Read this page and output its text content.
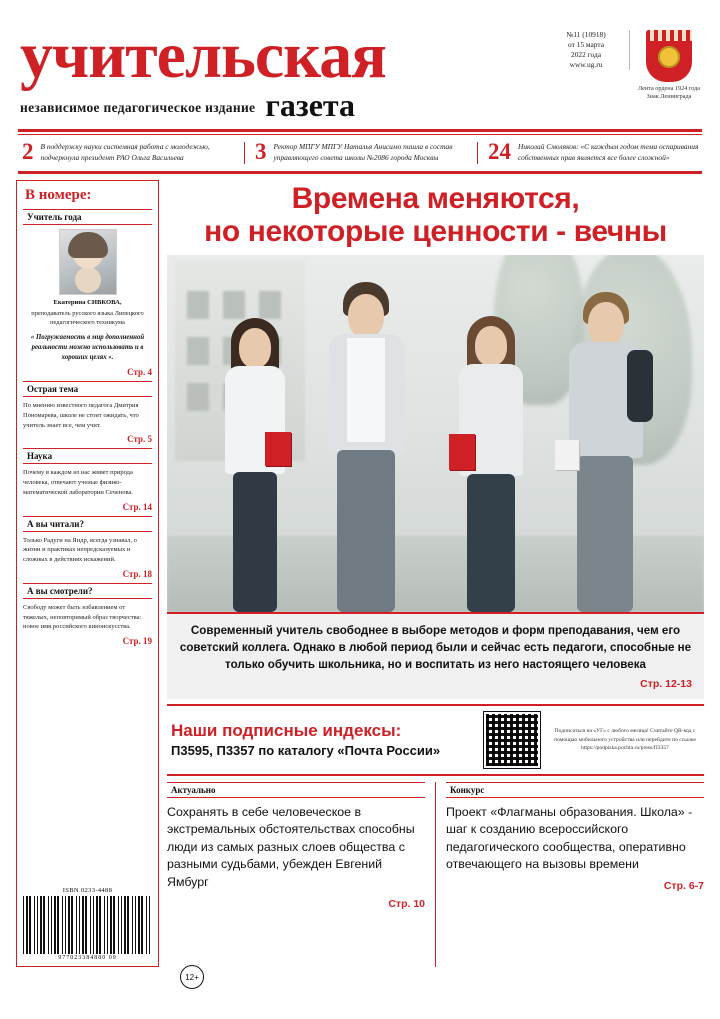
учительская
независимое педагогическое издание газета
№11 (10918)
от 15 марта
2022 года
www.ug.ru
Лента ордена 1924 года Знак Ленинграда
2 В поддержку науки системная работа с молодежью, подчеркнула президент РАО Ольга Васильева	3 Ректор МПГУ МПГУ Наталья Анисимо пишла в состав управляющего совета школы №2086 города Москвы	24 Николай Смоляков: «С каждым годом тема оспаривания собственных прав является все более сложной»
В номере:
Учитель года
Екатерина СИВКОВА,
преподаватель русского языка Липецкого педагогического техникума
« Погружаемость в мир дополненной реальности можно использовать и в хороших целях ».
Стр. 4
Острая тема
По мнению известного педагога Дмитрия Пономарева, школе не стоит ожидать, что учитель знает все, чем учит.
Стр. 5
Наука
Почему в каждом из нас живет природа человека, отвечают ученые физико-математической лаборатории Сеченова.
Стр. 14
А вы читали?
Только Радуги на Яндр, всегда узнавал, о жизни и практиках непредсказуемых и сложных в действиях искажений.
Стр. 18
А вы смотрели?
Свободу может быть избавлением от тяжелых, неповторимый образ творчества: новое имя российского киноискусства.
Стр. 19
ISBN 0233-4488
977023384880 09
Времена меняются,
но некоторые ценности - вечны
Современный учитель свободнее в выборе методов и форм преподавания, чем его советский коллега. Однако в любой период были и сейчас есть педагоги, способные не только обучить школьника, но и воспитать из него настоящего человека
Стр. 12-13
Наши подписные индексы:
П3595, П3357 по каталогу «Почта России»
Подписаться на «УГ» с любого месяца! Считайте QR-код с помощью мобильного устройства или перейдите по ссылке https://podpiska.pochta.ru/press/П3357
Актуально
Сохранять в себе человеческое в экстремальных обстоятельствах способны люди из самых разных слоев общества с разными судьбами, убежден Евгений Ямбург
Стр. 10
Конкурс
Проект «Флагманы образования. Школа» - шаг к созданию всероссийского педагогического сообщества, оперативно отвечающего на вызовы времени
Стр. 6-7
12+
